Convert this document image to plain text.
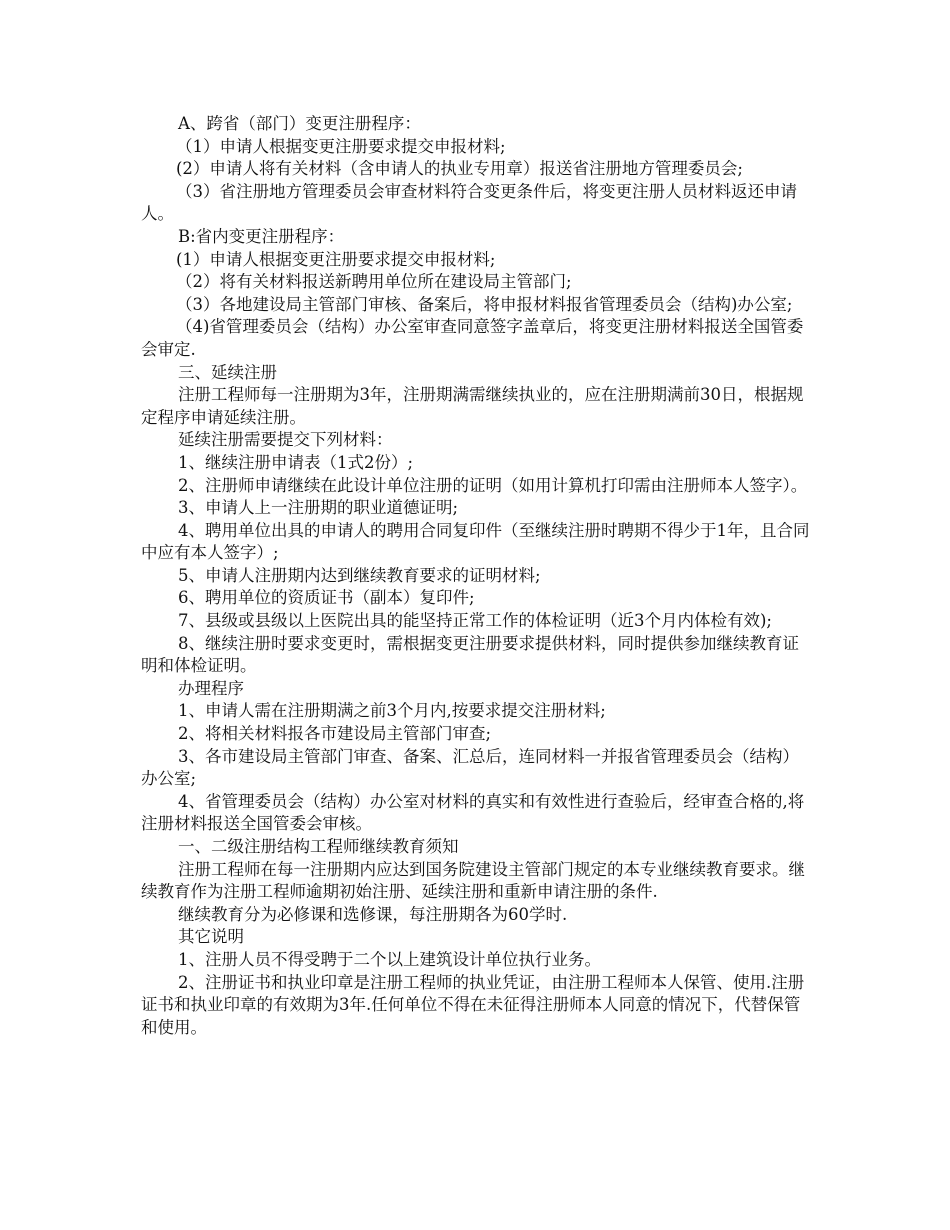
A、跨省（部门）变更注册程序：

（1）申请人根据变更注册要求提交申报材料;

(2）申请人将有关材料（含申请人的执业专用章）报送省注册地方管理委员会;

（3）省注册地方管理委员会审查材料符合变更条件后，将变更注册人员材料返还申请人。

B:省内变更注册程序：

(1）申请人根据变更注册要求提交申报材料;

（2）将有关材料报送新聘用单位所在建设局主管部门;

（3）各地建设局主管部门审核、备案后，将申报材料报省管理委员会（结构)办公室;

（4)省管理委员会（结构）办公室审查同意签字盖章后，将变更注册材料报送全国管委会审定.

三、延续注册

注册工程师每一注册期为3年，注册期满需继续执业的，应在注册期满前30日，根据规定程序申请延续注册。

延续注册需要提交下列材料：

1、继续注册申请表（1式2份）;

2、注册师申请继续在此设计单位注册的证明（如用计算机打印需由注册师本人签字）。

3、申请人上一注册期的职业道德证明;

4、聘用单位出具的申请人的聘用合同复印件（至继续注册时聘期不得少于1年，且合同中应有本人签字）;

5、申请人注册期内达到继续教育要求的证明材料;

6、聘用单位的资质证书（副本）复印件;

7、县级或县级以上医院出具的能坚持正常工作的体检证明（近3个月内体检有效);

8、继续注册时要求变更时，需根据变更注册要求提供材料，同时提供参加继续教育证明和体检证明。

办理程序

1、申请人需在注册期满之前3个月内,按要求提交注册材料;

2、将相关材料报各市建设局主管部门审查;

3、各市建设局主管部门审查、备案、汇总后，连同材料一并报省管理委员会（结构）办公室;

4、省管理委员会（结构）办公室对材料的真实和有效性进行查验后，经审查合格的,将注册材料报送全国管委会审核。

一、二级注册结构工程师继续教育须知

注册工程师在每一注册期内应达到国务院建设主管部门规定的本专业继续教育要求。继续教育作为注册工程师逾期初始注册、延续注册和重新申请注册的条件.

继续教育分为必修课和选修课，每注册期各为60学时.

其它说明

1、注册人员不得受聘于二个以上建筑设计单位执行业务。

2、注册证书和执业印章是注册工程师的执业凭证，由注册工程师本人保管、使用.注册证书和执业印章的有效期为3年.任何单位不得在未征得注册师本人同意的情况下，代替保管和使用。
